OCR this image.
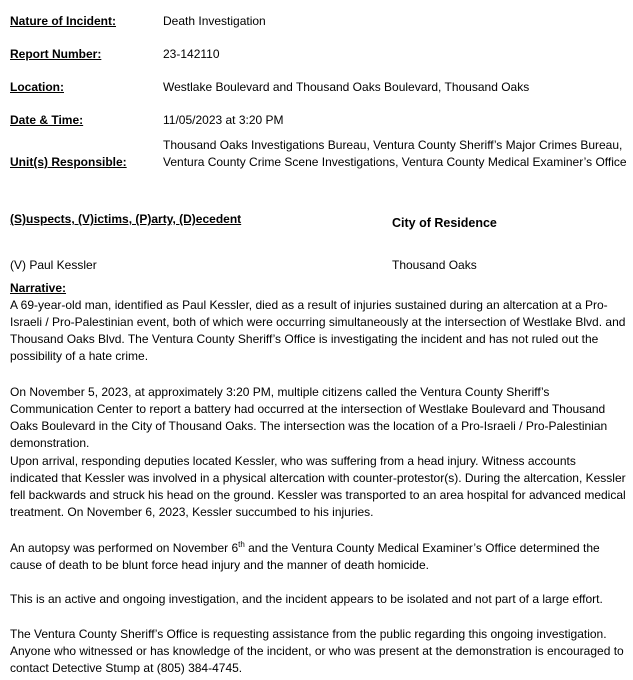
Nature of Incident:	Death Investigation
Report Number:	23-142110
Location:	Westlake Boulevard and Thousand Oaks Boulevard, Thousand Oaks
Date & Time:	11/05/2023 at 3:20 PM
Unit(s) Responsible:
Thousand Oaks Investigations Bureau, Ventura County Sheriff’s Major Crimes Bureau,
Ventura County Crime Scene Investigations, Ventura County Medical Examiner’s Office
(S)uspects, (V)ictims, (P)arty, (D)ecedent	City of Residence
(V) Paul Kessler	Thousand Oaks
Narrative:
A 69-year-old man, identified as Paul Kessler, died as a result of injuries sustained during an altercation at a Pro-Israeli / Pro-Palestinian event, both of which were occurring simultaneously at the intersection of Westlake Blvd. and Thousand Oaks Blvd. The Ventura County Sheriff’s Office is investigating the incident and has not ruled out the possibility of a hate crime.
On November 5, 2023, at approximately 3:20 PM, multiple citizens called the Ventura County Sheriff’s Communication Center to report a battery had occurred at the intersection of Westlake Boulevard and Thousand Oaks Boulevard in the City of Thousand Oaks. The intersection was the location of a Pro-Israeli / Pro-Palestinian demonstration.
Upon arrival, responding deputies located Kessler, who was suffering from a head injury. Witness accounts indicated that Kessler was involved in a physical altercation with counter-protestor(s). During the altercation, Kessler fell backwards and struck his head on the ground. Kessler was transported to an area hospital for advanced medical treatment. On November 6, 2023, Kessler succumbed to his injuries.
An autopsy was performed on November 6th and the Ventura County Medical Examiner’s Office determined the cause of death to be blunt force head injury and the manner of death homicide.
This is an active and ongoing investigation, and the incident appears to be isolated and not part of a large effort.
The Ventura County Sheriff’s Office is requesting assistance from the public regarding this ongoing investigation. Anyone who witnessed or has knowledge of the incident, or who was present at the demonstration is encouraged to contact Detective Stump at (805) 384-4745.
